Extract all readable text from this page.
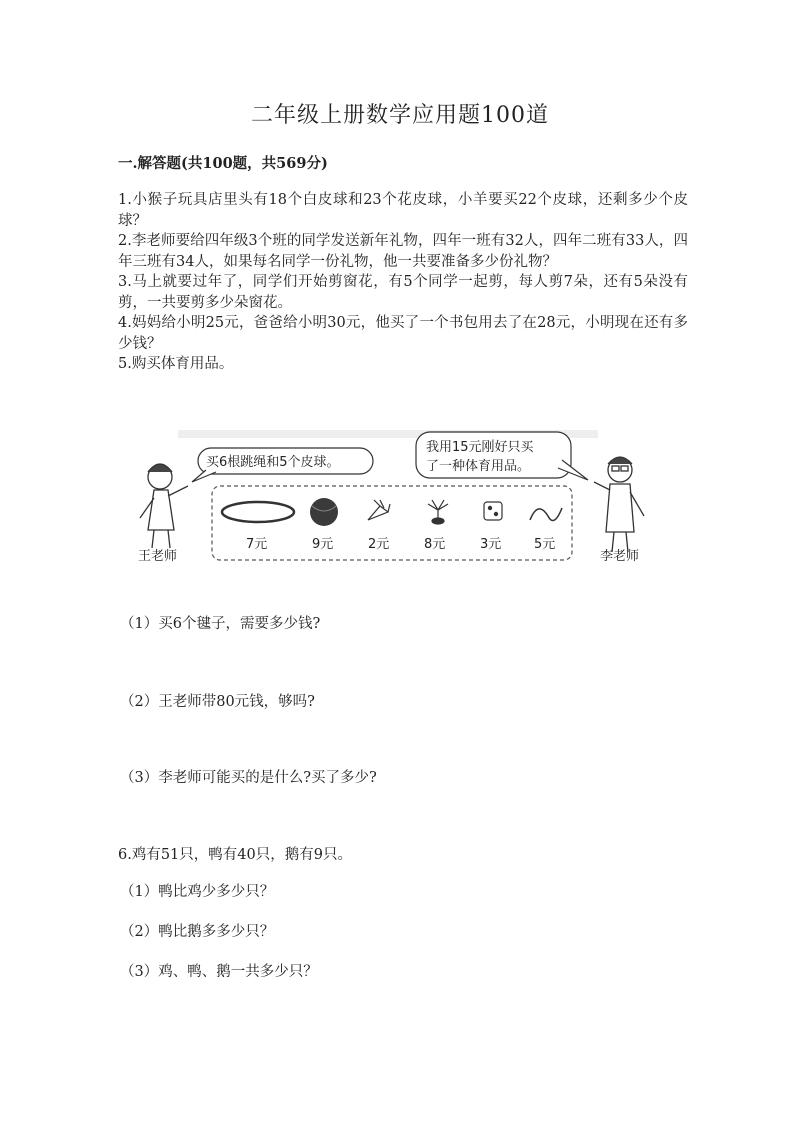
二年级上册数学应用题100道
一.解答题(共100题，共569分)

1.小猴子玩具店里头有18个白皮球和23个花皮球，小羊要买22个皮球，还剩多少个皮球？

2.李老师要给四年级3个班的同学发送新年礼物，四年一班有32人，四年二班有33人，四年三班有34人，如果每名同学一份礼物，他一共要准备多少份礼物？

3.马上就要过年了，同学们开始剪窗花，有5个同学一起剪，每人剪7朵，还有5朵没有剪，一共要剪多少朵窗花。

4.妈妈给小明25元，爸爸给小明30元，他买了一个书包用去了在28元，小明现在还有多少钱？

5.购买体育用品。

王老师
买6根跳绳和5个皮球。
我用15元刚好只买
了一种体育用品。
李老师
7元	9元	2元	8元	3元	5元
（1）买6个毽子，需要多少钱?
（2）王老师带80元钱，够吗?
（3）李老师可能买的是什么?买了多少?
6.鸡有51只，鸭有40只，鹅有9只。
（1）鸭比鸡少多少只？
（2）鸭比鹅多多少只？
（3）鸡、鸭、鹅一共多少只？
